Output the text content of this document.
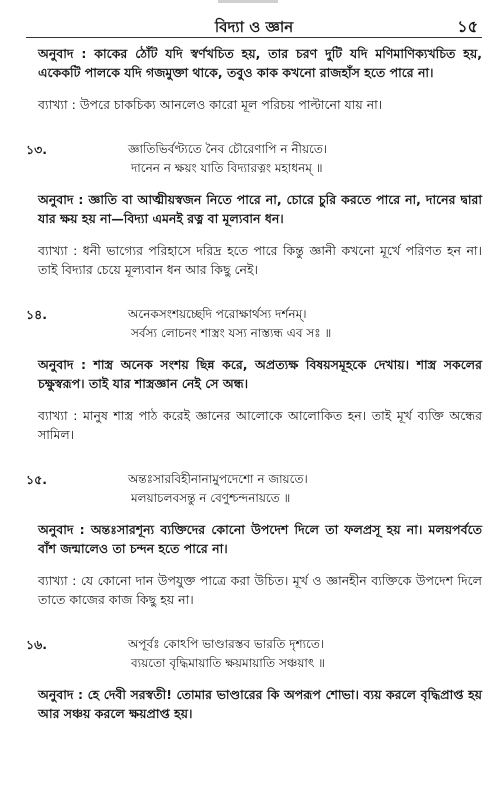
বিদ্যা ও জ্ঞান	১৫

অনুবাদ : কাকের ঠোঁট যদি স্বর্ণখচিত হয়, তার চরণ দুটি যদি মণিমাণিক্যখচিত হয়, একেকটি পালকে যদি গজমুক্তা থাকে, তবুও কাক কখনো রাজহাঁস হতে পারে না।

ব্যাখ্যা : উপরে চাকচিক্য আনলেও কারো মূল পরিচয় পাল্টানো যায় না।

১৩.	জ্ঞাতিভির্বণ্ট্যতে নৈব চৌরেণাপি ন নীয়তে।
দানেন ন ক্ষয়ং যাতি বিদ্যারত্নং মহাধনম্ ॥

অনুবাদ : জ্ঞাতি বা আত্মীয়স্বজন নিতে পারে না, চোরে চুরি করতে পারে না, দানের দ্বারা যার ক্ষয় হয় না—বিদ্যা এমনই রত্ন বা মূল্যবান ধন।

ব্যাখ্যা : ধনী ভাগ্যের পরিহাসে দরিদ্র হতে পারে কিন্তু জ্ঞানী কখনো মূর্খে পরিণত হন না। তাই বিদ্যার চেয়ে মূল্যবান ধন আর কিছু নেই।

১৪.	অনেকসংশয়চ্ছেদি পরোক্ষার্থস্য দর্শনম্।
সর্বস্য লোচনং শাস্ত্রং যস্য নাস্ত্যন্ধ এব সঃ ॥

অনুবাদ : শাস্ত্র অনেক সংশয় ছিন্ন করে, অপ্রত্যক্ষ বিষয়সমূহকে দেখায়। শাস্ত্র সকলের চক্ষুস্বরূপ। তাই যার শাস্ত্রজ্ঞান নেই সে অন্ধ।

ব্যাখ্যা : মানুষ শাস্ত্র পাঠ করেই জ্ঞানের আলোকে আলোকিত হন। তাই মূর্খ ব্যক্তি অন্ধের সামিল।

১৫.	অন্তঃসারবিহীনানামুপদেশো ন জায়তে।
মলয়াচলবসন্তু ন বেণুশ্চন্দনায়তে ॥

অনুবাদ : অন্তঃসারশূন্য ব্যক্তিদের কোনো উপদেশ দিলে তা ফলপ্রসূ হয় না। মলয়পর্বতে বাঁশ জন্মালেও তা চন্দন হতে পারে না।

ব্যাখ্যা : যে কোনো দান উপযুক্ত পাত্রে করা উচিত। মূর্খ ও জ্ঞানহীন ব্যক্তিকে উপদেশ দিলে তাতে কাজের কাজ কিছু হয় না।

১৬.	অপূর্বঃ কোঽপি ভাণ্ডারস্তব ভারতি দৃশ্যতে।
ব্যয়তো বৃদ্ধিমায়াতি ক্ষয়মায়াতি সঞ্চয়াৎ ॥

অনুবাদ : হে দেবী সরস্বতী! তোমার ভাণ্ডারের কি অপরূপ শোভা। ব্যয় করলে বৃদ্ধিপ্রাপ্ত হয় আর সঞ্চয় করলে ক্ষয়প্রাপ্ত হয়।
